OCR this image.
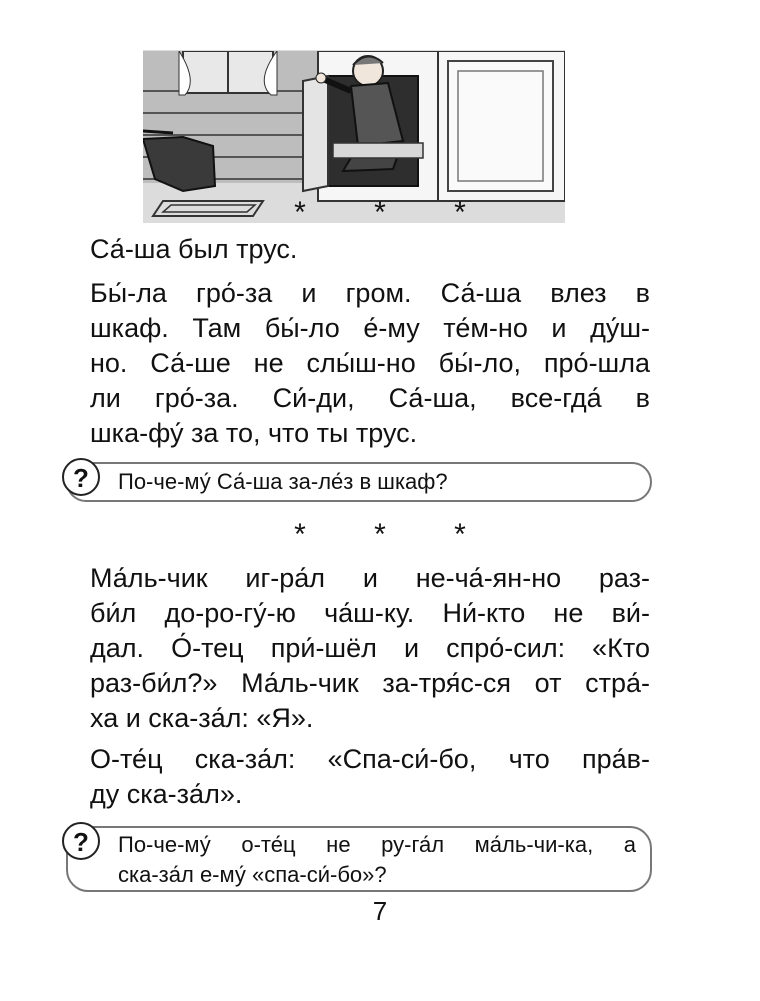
* * *
Са́-ша был трус.
Бы́-ла гро́-за и гром. Са́-ша влез в
шкаф. Там бы́-ло е́-му те́м-но и ду́ш-
но. Са́-ше не слы́ш-но бы́-ло, про́-шла
ли гро́-за. Си́-ди, Са́-ша, все-гда́ в
шка-фу́ за то, что ты трус.
?	По-че-му́ Са́-ша за-ле́з в шкаф?
* * *
Ма́ль-чик иг-ра́л и не-ча́-ян-но раз-
би́л до-ро-гу́-ю ча́ш-ку. Ни́-кто не ви́-
дал. О́-тец при́-шёл и спро́-сил: «Кто
раз-би́л?» Ма́ль-чик за-тря́с-ся от стра́-
ха и ска-за́л: «Я».
О-те́ц ска-за́л: «Спа-си́-бо, что пра́в-
ду ска-за́л».
?	По-че-му́ о-те́ц не ру-га́л ма́ль-чи-ка, а
ска-за́л е-му́ «спа-си́-бо»?
7
